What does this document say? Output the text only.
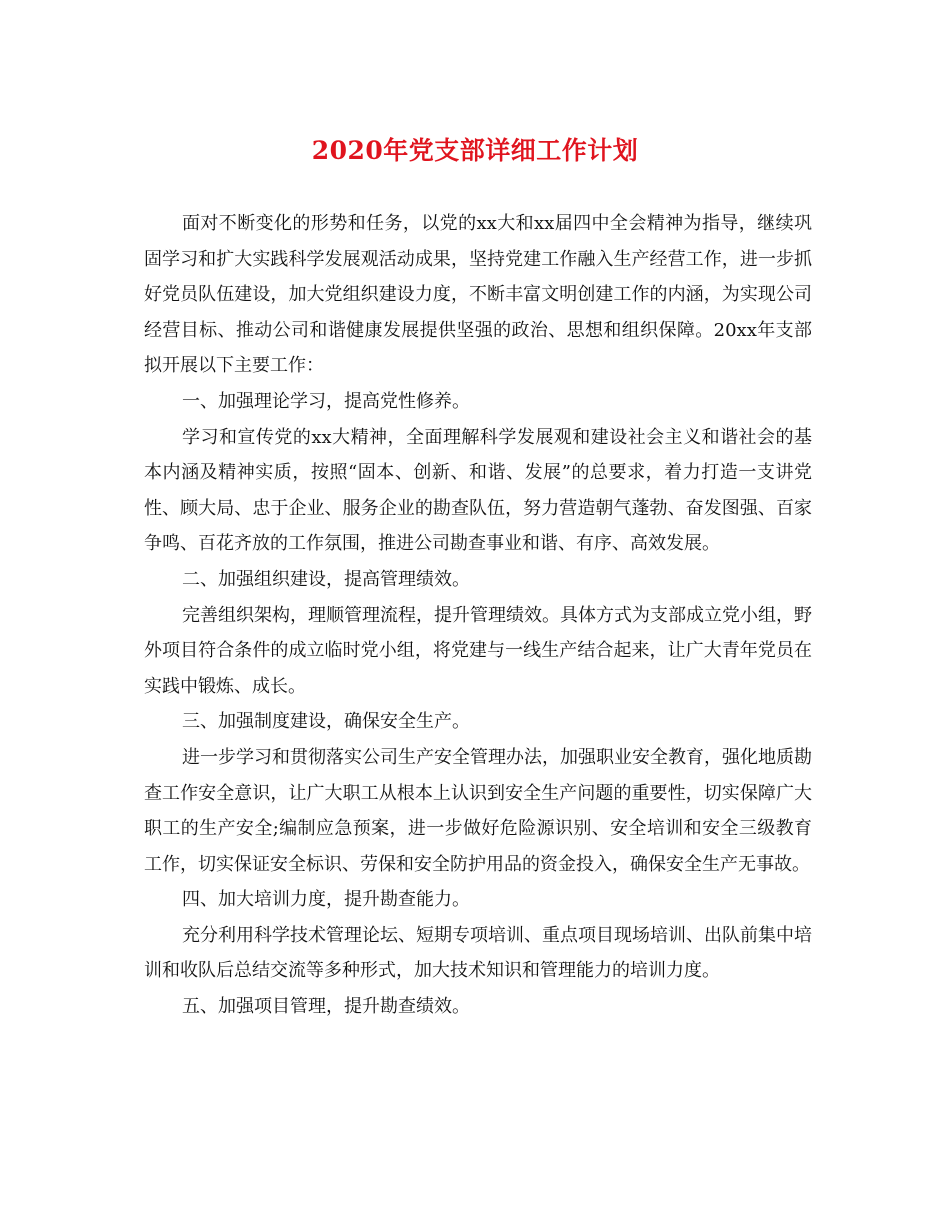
2020年党支部详细工作计划

面对不断变化的形势和任务，以党的xx大和xx届四中全会精神为指导，继续巩固学习和扩大实践科学发展观活动成果，坚持党建工作融入生产经营工作，进一步抓好党员队伍建设，加大党组织建设力度，不断丰富文明创建工作的内涵，为实现公司经营目标、推动公司和谐健康发展提供坚强的政治、思想和组织保障。20xx年支部拟开展以下主要工作：

一、加强理论学习，提高党性修养。

学习和宣传党的xx大精神，全面理解科学发展观和建设社会主义和谐社会的基本内涵及精神实质，按照“固本、创新、和谐、发展”的总要求，着力打造一支讲党性、顾大局、忠于企业、服务企业的勘查队伍，努力营造朝气蓬勃、奋发图强、百家争鸣、百花齐放的工作氛围，推进公司勘查事业和谐、有序、高效发展。

二、加强组织建设，提高管理绩效。

完善组织架构，理顺管理流程，提升管理绩效。具体方式为支部成立党小组，野外项目符合条件的成立临时党小组，将党建与一线生产结合起来，让广大青年党员在实践中锻炼、成长。

三、加强制度建设，确保安全生产。

进一步学习和贯彻落实公司生产安全管理办法，加强职业安全教育，强化地质勘查工作安全意识，让广大职工从根本上认识到安全生产问题的重要性，切实保障广大职工的生产安全;编制应急预案，进一步做好危险源识别、安全培训和安全三级教育工作，切实保证安全标识、劳保和安全防护用品的资金投入，确保安全生产无事故。

四、加大培训力度，提升勘查能力。

充分利用科学技术管理论坛、短期专项培训、重点项目现场培训、出队前集中培训和收队后总结交流等多种形式，加大技术知识和管理能力的培训力度。

五、加强项目管理，提升勘查绩效。
